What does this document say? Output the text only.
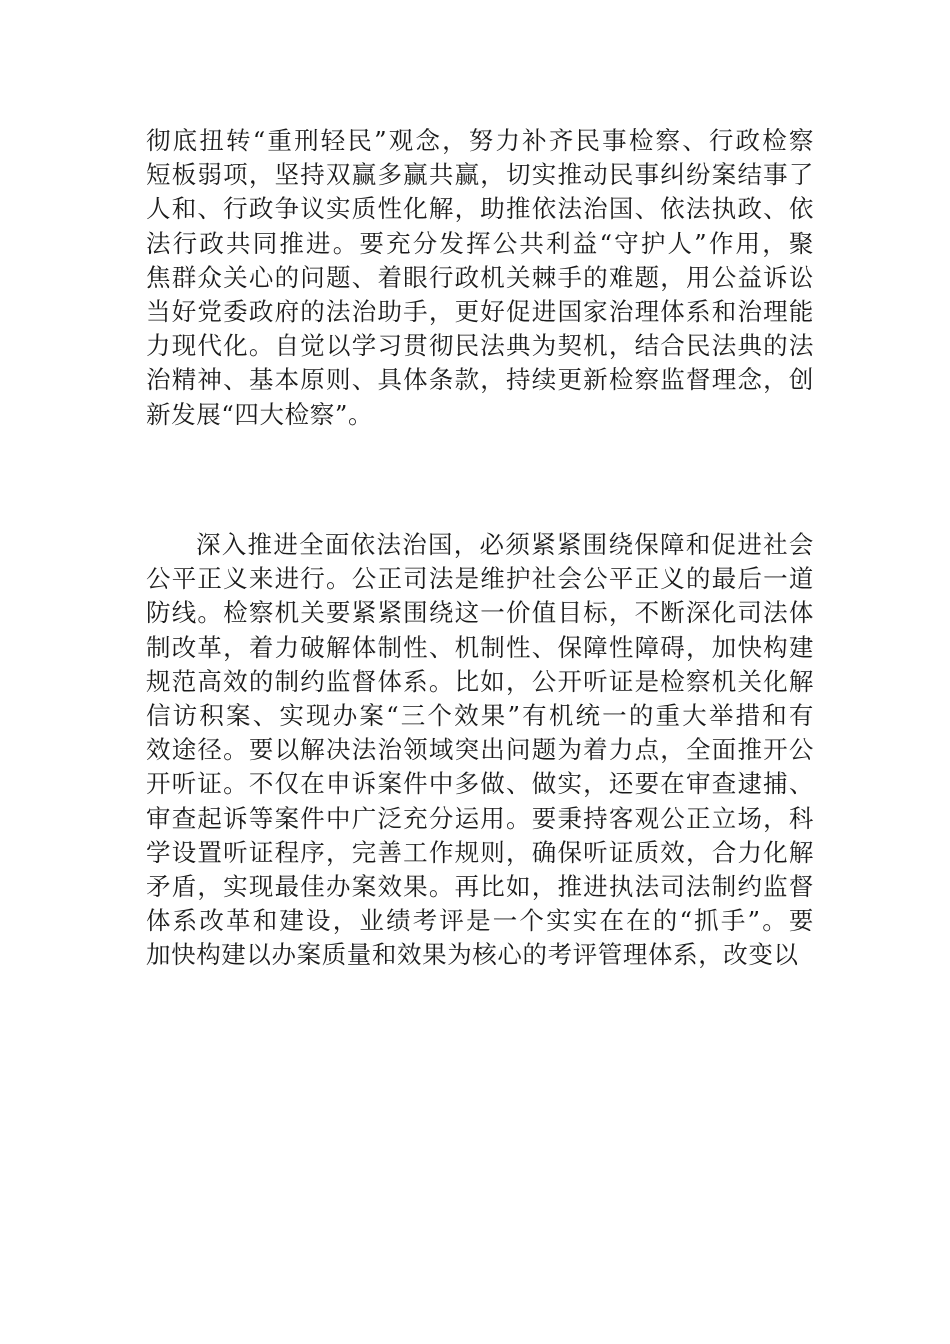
彻底扭转“重刑轻民”观念，努力补齐民事检察、行政检察
短板弱项，坚持双赢多赢共赢，切实推动民事纠纷案结事了
人和、行政争议实质性化解，助推依法治国、依法执政、依
法行政共同推进。要充分发挥公共利益“守护人”作用，聚
焦群众关心的问题、着眼行政机关棘手的难题，用公益诉讼
当好党委政府的法治助手，更好促进国家治理体系和治理能
力现代化。自觉以学习贯彻民法典为契机，结合民法典的法
治精神、基本原则、具体条款，持续更新检察监督理念，创
新发展“四大检察”。
深入推进全面依法治国，必须紧紧围绕保障和促进社会
公平正义来进行。公正司法是维护社会公平正义的最后一道
防线。检察机关要紧紧围绕这一价值目标，不断深化司法体
制改革，着力破解体制性、机制性、保障性障碍，加快构建
规范高效的制约监督体系。比如，公开听证是检察机关化解
信访积案、实现办案“三个效果”有机统一的重大举措和有
效途径。要以解决法治领域突出问题为着力点，全面推开公
开听证。不仅在申诉案件中多做、做实，还要在审查逮捕、
审查起诉等案件中广泛充分运用。要秉持客观公正立场，科
学设置听证程序，完善工作规则，确保听证质效，合力化解
矛盾，实现最佳办案效果。再比如，推进执法司法制约监督
体系改革和建设，业绩考评是一个实实在在的“抓手”。要
加快构建以办案质量和效果为核心的考评管理体系，改变以
